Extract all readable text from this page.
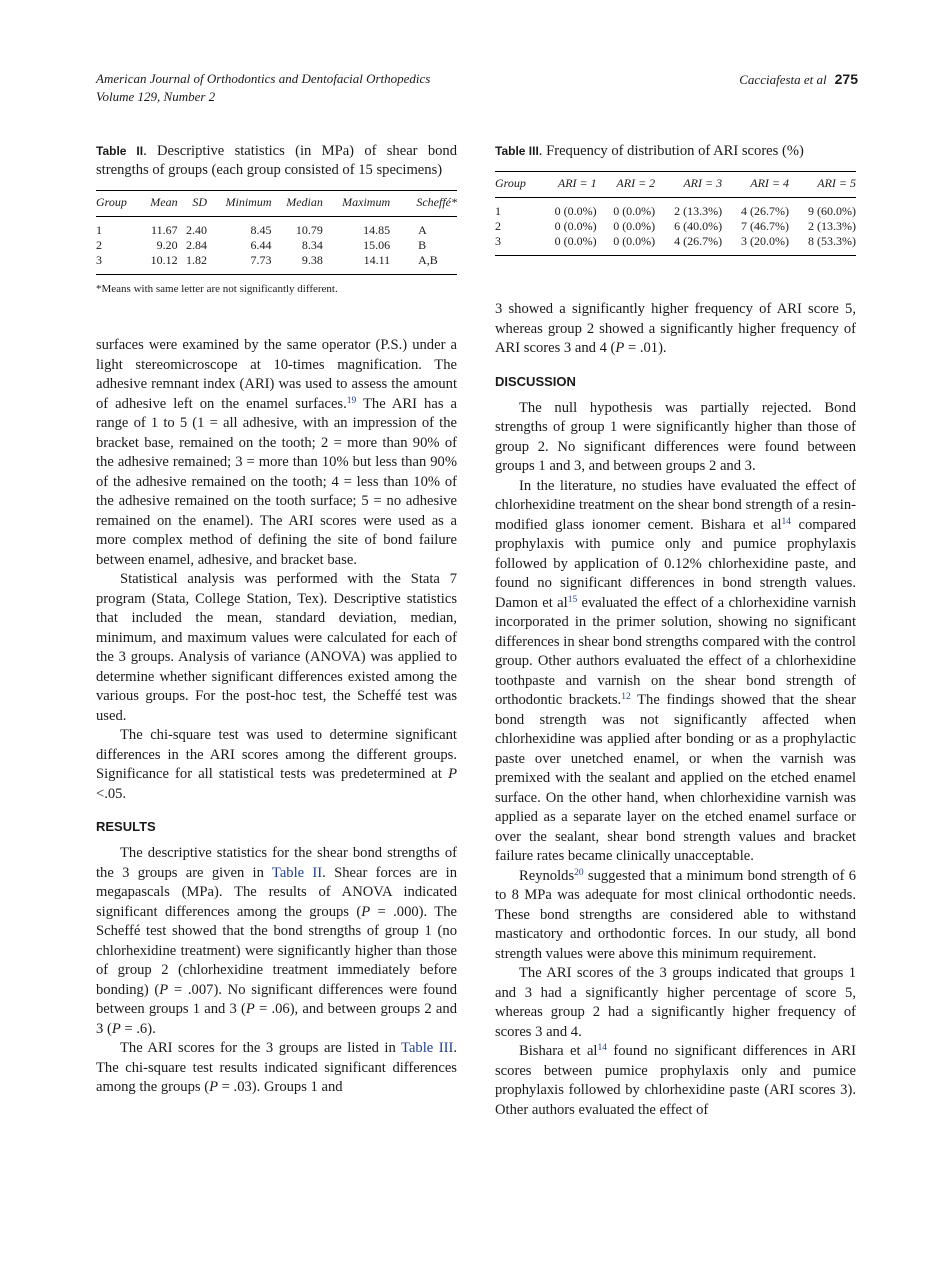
American Journal of Orthodontics and Dentofacial Orthopedics
Volume 129, Number 2
Cacciafesta et al 275
Table II. Descriptive statistics (in MPa) of shear bond strengths of groups (each group consisted of 15 specimens)
Group	Mean	SD	Minimum	Median	Maximum	Scheffé*
1	11.67	2.40	8.45	10.79	14.85	A
2	9.20	2.84	6.44	8.34	15.06	B
3	10.12	1.82	7.73	9.38	14.11	A,B
*Means with same letter are not significantly different.

surfaces were examined by the same operator (P.S.) under a light stereomicroscope at 10-times magnification. The adhesive remnant index (ARI) was used to assess the amount of adhesive left on the enamel surfaces.$^{19}$ The ARI has a range of 1 to 5 (1 = all adhesive, with an impression of the bracket base, remained on the tooth; 2 = more than 90% of the adhesive remained; 3 = more than 10% but less than 90% of the adhesive remained on the tooth; 4 = less than 10% of the adhesive remained on the tooth surface; 5 = no adhesive remained on the enamel). The ARI scores were used as a more complex method of defining the site of bond failure between enamel, adhesive, and bracket base.

Statistical analysis was performed with the Stata 7 program (Stata, College Station, Tex). Descriptive statistics that included the mean, standard deviation, median, minimum, and maximum values were calculated for each of the 3 groups. Analysis of variance (ANOVA) was applied to determine whether significant differences existed among the various groups. For the post-hoc test, the Scheffé test was used.

The chi-square test was used to determine significant differences in the ARI scores among the different groups. Significance for all statistical tests was predetermined at P <.05.

RESULTS

The descriptive statistics for the shear bond strengths of the 3 groups are given in Table II. Shear forces are in megapascals (MPa). The results of ANOVA indicated significant differences among the groups (P = .000). The Scheffé test showed that the bond strengths of group 1 (no chlorhexidine treatment) were significantly higher than those of group 2 (chlorhexidine treatment immediately before bonding) (P = .007). No significant differences were found between groups 1 and 3 (P = .06), and between groups 2 and 3 (P = .6).

The ARI scores for the 3 groups are listed in Table III. The chi-square test results indicated significant differences among the groups (P = .03). Groups 1 and

Table III. Frequency of distribution of ARI scores (%)
Group	ARI = 1	ARI = 2	ARI = 3	ARI = 4	ARI = 5
1	0 (0.0%)	0 (0.0%)	2 (13.3%)	4 (26.7%)	9 (60.0%)
2	0 (0.0%)	0 (0.0%)	6 (40.0%)	7 (46.7%)	2 (13.3%)
3	0 (0.0%)	0 (0.0%)	4 (26.7%)	3 (20.0%)	8 (53.3%)

3 showed a significantly higher frequency of ARI score 5, whereas group 2 showed a significantly higher frequency of ARI scores 3 and 4 (P = .01).

DISCUSSION

The null hypothesis was partially rejected. Bond strengths of group 1 were significantly higher than those of group 2. No significant differences were found between groups 1 and 3, and between groups 2 and 3.

In the literature, no studies have evaluated the effect of chlorhexidine treatment on the shear bond strength of a resin-modified glass ionomer cement. Bishara et al$^{14}$ compared prophylaxis with pumice only and pumice prophylaxis followed by application of 0.12% chlorhexidine paste, and found no significant differences in bond strength values. Damon et al$^{15}$ evaluated the effect of a chlorhexidine varnish incorporated in the primer solution, showing no significant differences in shear bond strengths compared with the control group. Other authors evaluated the effect of a chlorhexidine toothpaste and varnish on the shear bond strength of orthodontic brackets.$^{12}$ The findings showed that the shear bond strength was not significantly affected when chlorhexidine was applied after bonding or as a prophylactic paste over unetched enamel, or when the varnish was premixed with the sealant and applied on the etched enamel surface. On the other hand, when chlorhexidine varnish was applied as a separate layer on the etched enamel surface or over the sealant, shear bond strength values and bracket failure rates became clinically unacceptable.

Reynolds$^{20}$ suggested that a minimum bond strength of 6 to 8 MPa was adequate for most clinical orthodontic needs. These bond strengths are considered able to withstand masticatory and orthodontic forces. In our study, all bond strength values were above this minimum requirement.

The ARI scores of the 3 groups indicated that groups 1 and 3 had a significantly higher percentage of score 5, whereas group 2 had a significantly higher frequency of scores 3 and 4.

Bishara et al$^{14}$ found no significant differences in ARI scores between pumice prophylaxis only and pumice prophylaxis followed by chlorhexidine paste (ARI scores 3). Other authors evaluated the effect of
